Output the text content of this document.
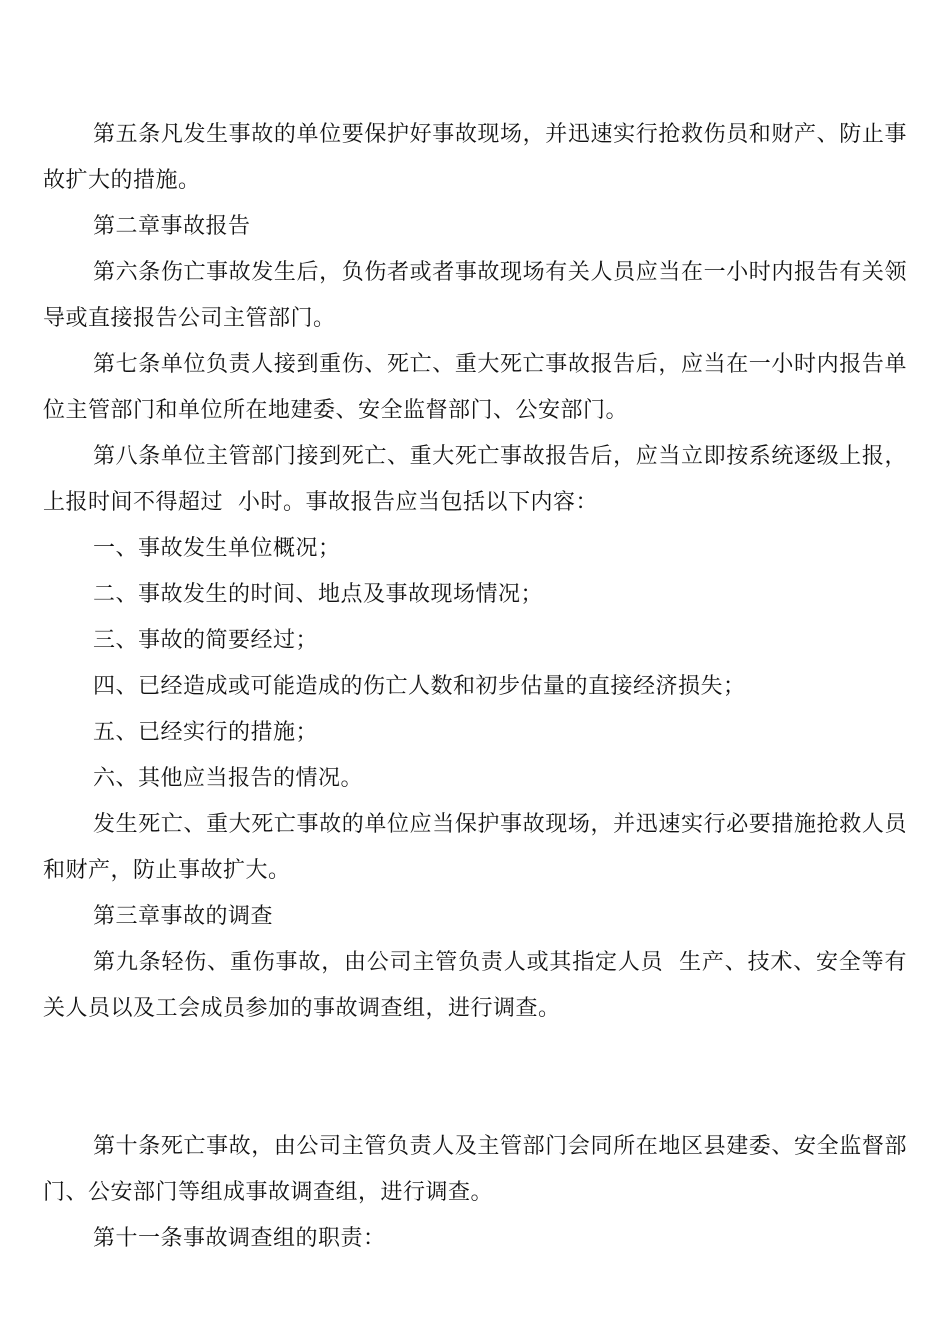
第五条凡发生事故的单位要保护好事故现场，并迅速实行抢救伤员和财产、防止事故扩大的措施。

第二章事故报告

第六条伤亡事故发生后，负伤者或者事故现场有关人员应当在一小时内报告有关领导或直接报告公司主管部门。

第七条单位负责人接到重伤、死亡、重大死亡事故报告后，应当在一小时内报告单位主管部门和单位所在地建委、安全监督部门、公安部门。

第八条单位主管部门接到死亡、重大死亡事故报告后，应当立即按系统逐级上报，上报时间不得超过  小时。事故报告应当包括以下内容：

一、事故发生单位概况；

二、事故发生的时间、地点及事故现场情况；

三、事故的简要经过；

四、已经造成或可能造成的伤亡人数和初步估量的直接经济损失；

五、已经实行的措施；

六、其他应当报告的情况。

发生死亡、重大死亡事故的单位应当保护事故现场，并迅速实行必要措施抢救人员和财产，防止事故扩大。

第三章事故的调查

第九条轻伤、重伤事故，由公司主管负责人或其指定人员  生产、技术、安全等有关人员以及工会成员参加的事故调查组，进行调查。

第十条死亡事故，由公司主管负责人及主管部门会同所在地区县建委、安全监督部门、公安部门等组成事故调查组，进行调查。

第十一条事故调查组的职责：
